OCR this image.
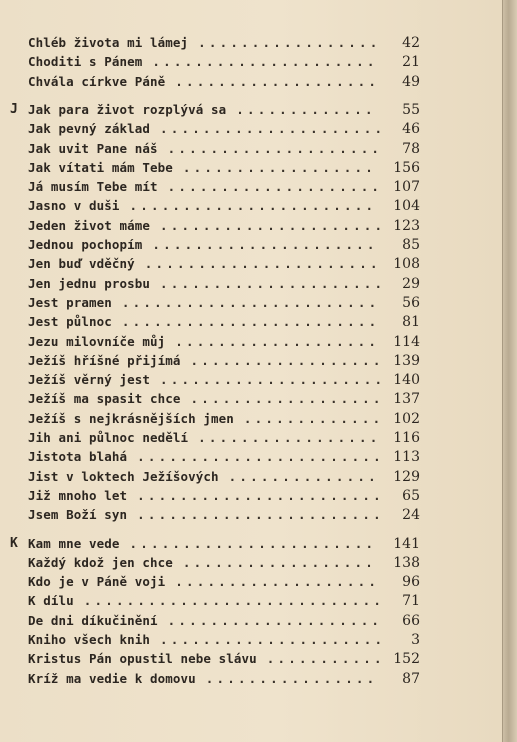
Chléb života mi lámej	42
.................
Choditi s Pánem	21
.....................
Chvála církve Páně	49
...................
J Jak para život rozplývá sa	55
.............
Jak pevný základ	46
.....................
Jak uvit Pane náš	78
....................
Jak vítati mám Tebe	156
..................
Já musím Tebe mít	107
....................
Jasno v duši	104
.......................
Jeden život máme	123
.....................
Jednou pochopím	85
.....................
Jen buď vděčný	108
......................
Jen jednu prosbu	29
.....................
Jest pramen	56
........................
Jest půlnoc	81
........................
Jezu milovníče můj	114
...................
Ježíš hříšné přijímá	139
..................
Ježíš věrný jest	140
.....................
Ježíš ma spasit chce	137
..................
Ježíš s nejkrásnějších jmen	102
.............
Jih ani půlnoc nedělí	116
.................
Jistota blahá	113
.......................
Jist v loktech Ježíšových	129
..............
Již mnoho let	65
.......................
Jsem Boží syn	24
.......................
K Kam mne vede	141
.......................
Každý kdož jen chce	138
..................
Kdo je v Páně voji	96
...................
K dílu	71
............................
De dni díkučinění	66
....................
Kniho všech knih	3
.....................
Kristus Pán opustil nebe slávu	152
...........
Kríž ma vedie k domovu	87
................
